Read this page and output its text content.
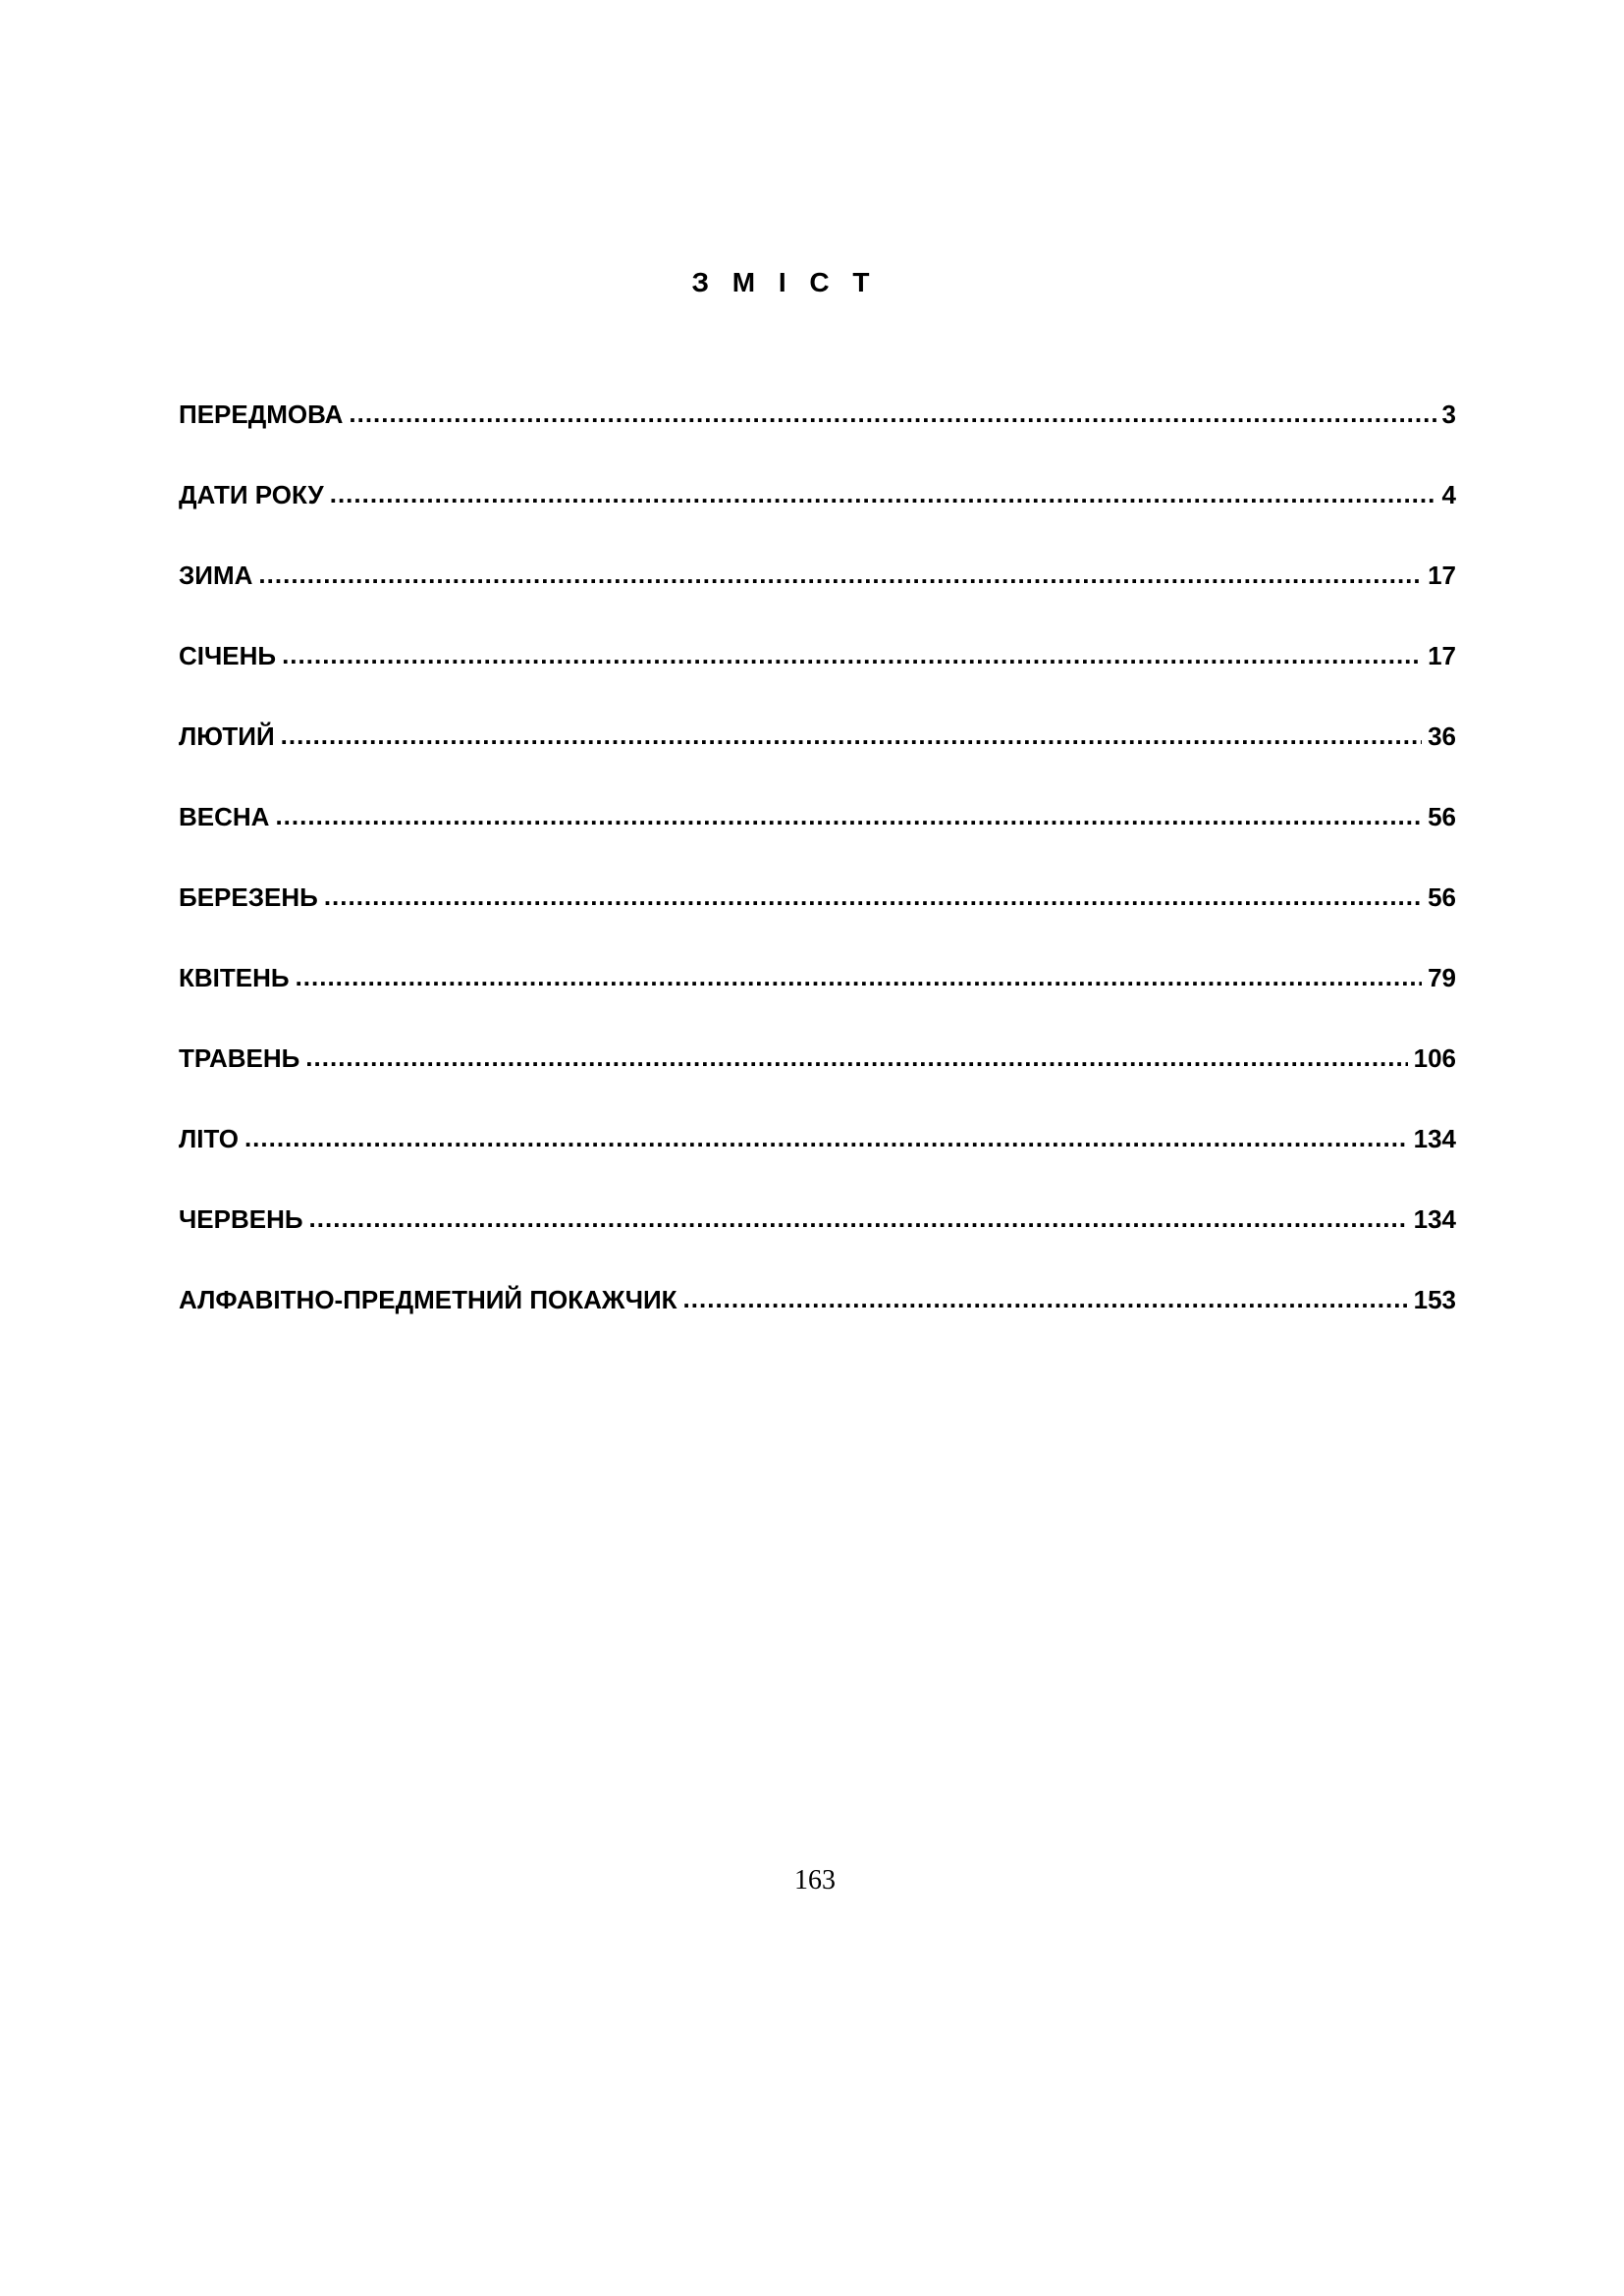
З М І С Т
ПЕРЕДМОВА .....	3
ДАТИ РОКУ .....	4
ЗИМА .....	17
СІЧЕНЬ .....	17
ЛЮТИЙ .....	36
ВЕСНА .....	56
БЕРЕЗЕНЬ .....	56
КВІТЕНЬ .....	79
ТРАВЕНЬ .....	106
ЛІТО .....	134
ЧЕРВЕНЬ .....	134
АЛФАВІТНО-ПРЕДМЕТНИЙ ПОКАЖЧИК .....	153
163
